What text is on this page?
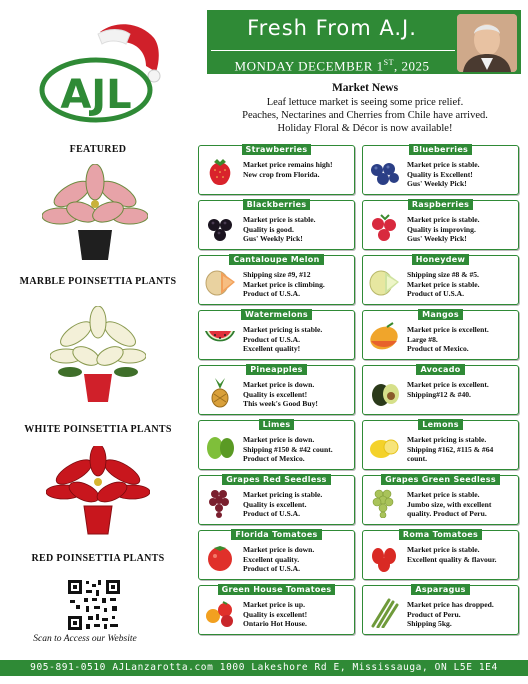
AJL
Fresh From A.J.
MONDAY DECEMBER 1ST, 2025
Market News
Leaf lettuce market is seeing some price relief.
Peaches, Nectarines and Cherries from Chile have arrived.
Holiday Floral & Décor is now available!
FEATURED
MARBLE POINSETTIA PLANTS
WHITE POINSETTIA PLANTS
RED POINSETTIA PLANTS
Scan to Access our Website
Strawberries
Market price remains high!
New crop from Florida.
Blueberries
Market price is stable.
Quality is Excellent!
Gus' Weekly Pick!
Blackberries
Market price is stable.
Quality is good.
Gus' Weekly Pick!
Raspberries
Market price is stable.
Quality is improving.
Gus' Weekly Pick!
Cantaloupe Melon
Shipping size #9, #12
Market price is climbing.
Product of U.S.A.
Honeydew
Shipping size #8 & #5.
Market price is stable.
Product of U.S.A.
Watermelons
Market pricing is stable.
Product of U.S.A.
Excellent quality!
Mangos
Market price is excellent.
Large #8.
Product of Mexico.
Pineapples
Market price is down.
Quality is excellent!
This week's Good Buy!
Avocado
Market price is excellent.
Shipping#12 & #40.
Limes
Market price is down.
Shipping #150 & #42 count.
Product of Mexico.
Lemons
Market pricing is stable.
Shipping #162, #115 & #64
count.
Grapes Red Seedless
Market pricing is stable.
Quality is excellent.
Product of U.S.A.
Grapes Green Seedless
Market price is stable.
Jumbo size, with excellent
quality. Product of Peru.
Florida Tomatoes
Market price is down.
Excellent quality.
Product of U.S.A.
Roma Tomatoes
Market price is stable.
Excellent quality & flavour.
Green House Tomatoes
Market price is up.
Quality is excellent!
Ontario Hot House.
Asparagus
Market price has dropped.
Product of Peru.
Shipping 5kg.
905-891-0510 AJLanzarotta.com 1000 Lakeshore Rd E, Mississauga, ON L5E 1E4
